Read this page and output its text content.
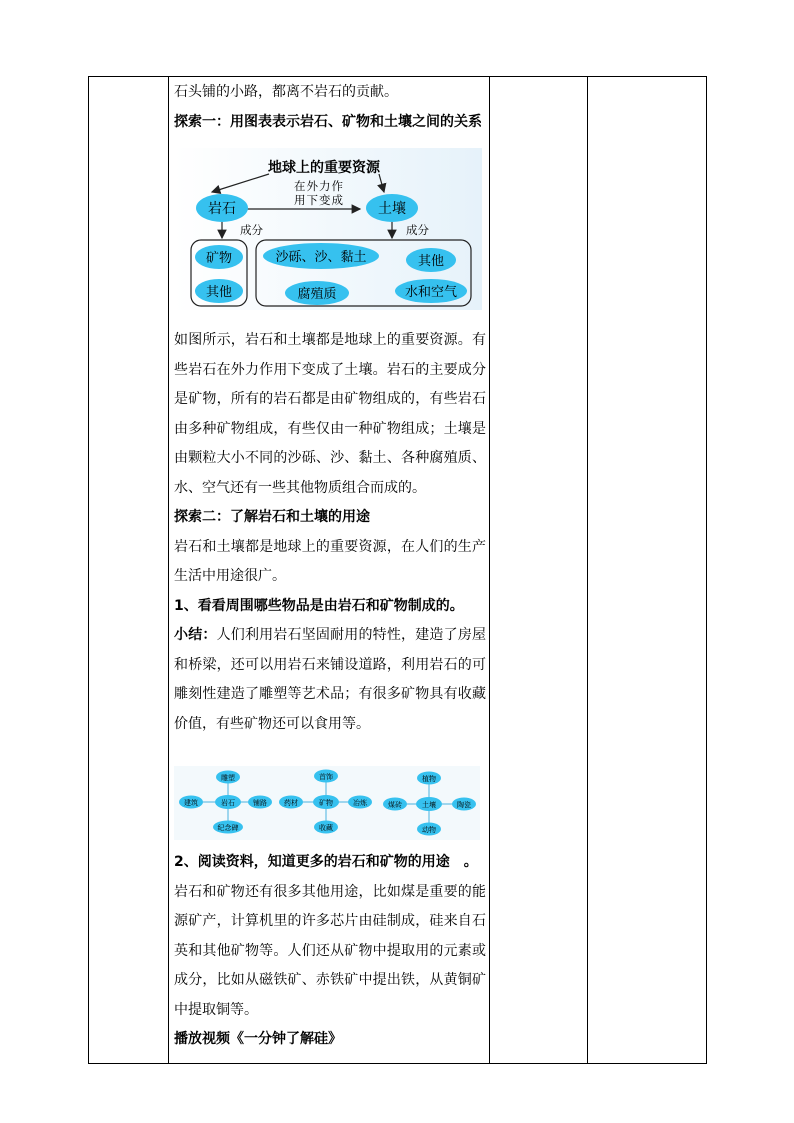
石头铺的小路，都离不岩石的贡献。

探索一：用图表表示岩石、矿物和土壤之间的关系

地球上的重要资源
在外力作
用下变成
岩石	土壤
成分	成分
矿物
其他
沙砾、沙、黏土	其他
腐殖质	水和空气

如图所示，岩石和土壤都是地球上的重要资源。有些岩石在外力作用下变成了土壤。岩石的主要成分是矿物，所有的岩石都是由矿物组成的，有些岩石由多种矿物组成，有些仅由一种矿物组成；土壤是由颗粒大小不同的沙砾、沙、黏土、各种腐殖质、水、空气还有一些其他物质组合而成的。

探索二：了解岩石和土壤的用途

岩石和土壤都是地球上的重要资源，在人们的生产生活中用途很广。

1、看看周围哪些物品是由岩石和矿物制成的。

小结：人们利用岩石坚固耐用的特性，建造了房屋和桥梁，还可以用岩石来铺设道路，利用岩石的可雕刻性建造了雕塑等艺术品；有很多矿物具有收藏价值，有些矿物还可以食用等。

岩石
雕塑
建筑	铺路
纪念碑
矿物
首饰
药材	冶炼
收藏
土壤
植物
煤砖	陶瓷
动物

2、阅读资料，知道更多的岩石和矿物的用途　。

岩石和矿物还有很多其他用途，比如煤是重要的能源矿产，计算机里的许多芯片由硅制成，硅来自石英和其他矿物等。人们还从矿物中提取用的元素或成分，比如从磁铁矿、赤铁矿中提出铁，从黄铜矿中提取铜等。

播放视频《一分钟了解硅》
